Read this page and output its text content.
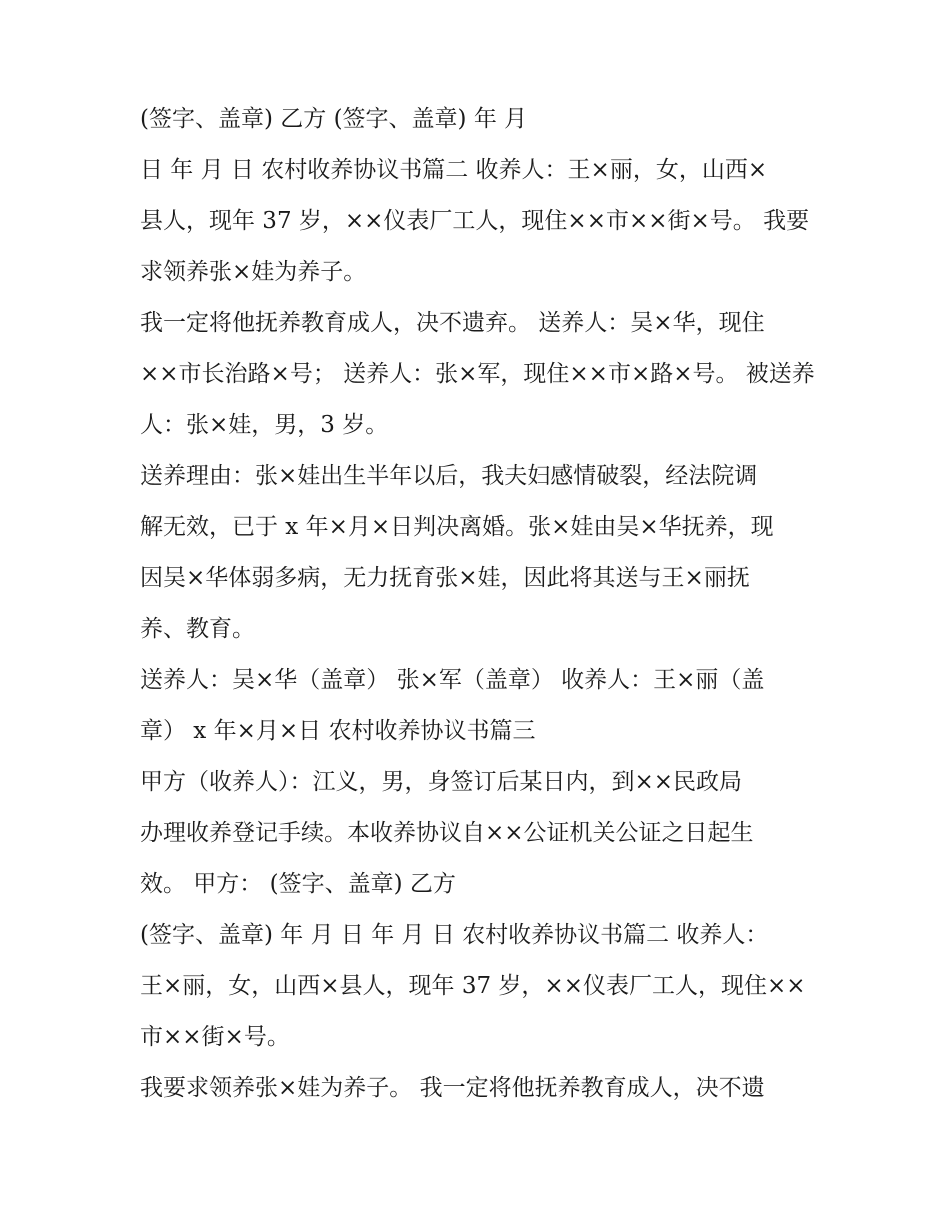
(签字、盖章) 乙方 (签字、盖章) 年 月
日 年 月 日 农村收养协议书篇二 收养人：王×丽，女，山西×
县人，现年 37 岁，××仪表厂工人，现住××市××街×号。 我要
求领养张×娃为养子。
我一定将他抚养教育成人，决不遗弃。 送养人：吴×华，现住
××市长治路×号； 送养人：张×军，现住××市×路×号。 被送养
人：张×娃，男，3 岁。
送养理由：张×娃出生半年以后，我夫妇感情破裂，经法院调
解无效，已于 x 年×月×日判决离婚。张×娃由吴×华抚养，现
因吴×华体弱多病，无力抚育张×娃，因此将其送与王×丽抚
养、教育。
送养人：吴×华（盖章） 张×军（盖章） 收养人：王×丽（盖
章） x 年×月×日 农村收养协议书篇三
甲方（收养人）：江义，男，身签订后某日内，到××民政局
办理收养登记手续。本收养协议自××公证机关公证之日起生
效。 甲方： (签字、盖章) 乙方
(签字、盖章) 年 月 日 年 月 日 农村收养协议书篇二 收养人：
王×丽，女，山西×县人，现年 37 岁，××仪表厂工人，现住××
市××街×号。
我要求领养张×娃为养子。 我一定将他抚养教育成人，决不遗
